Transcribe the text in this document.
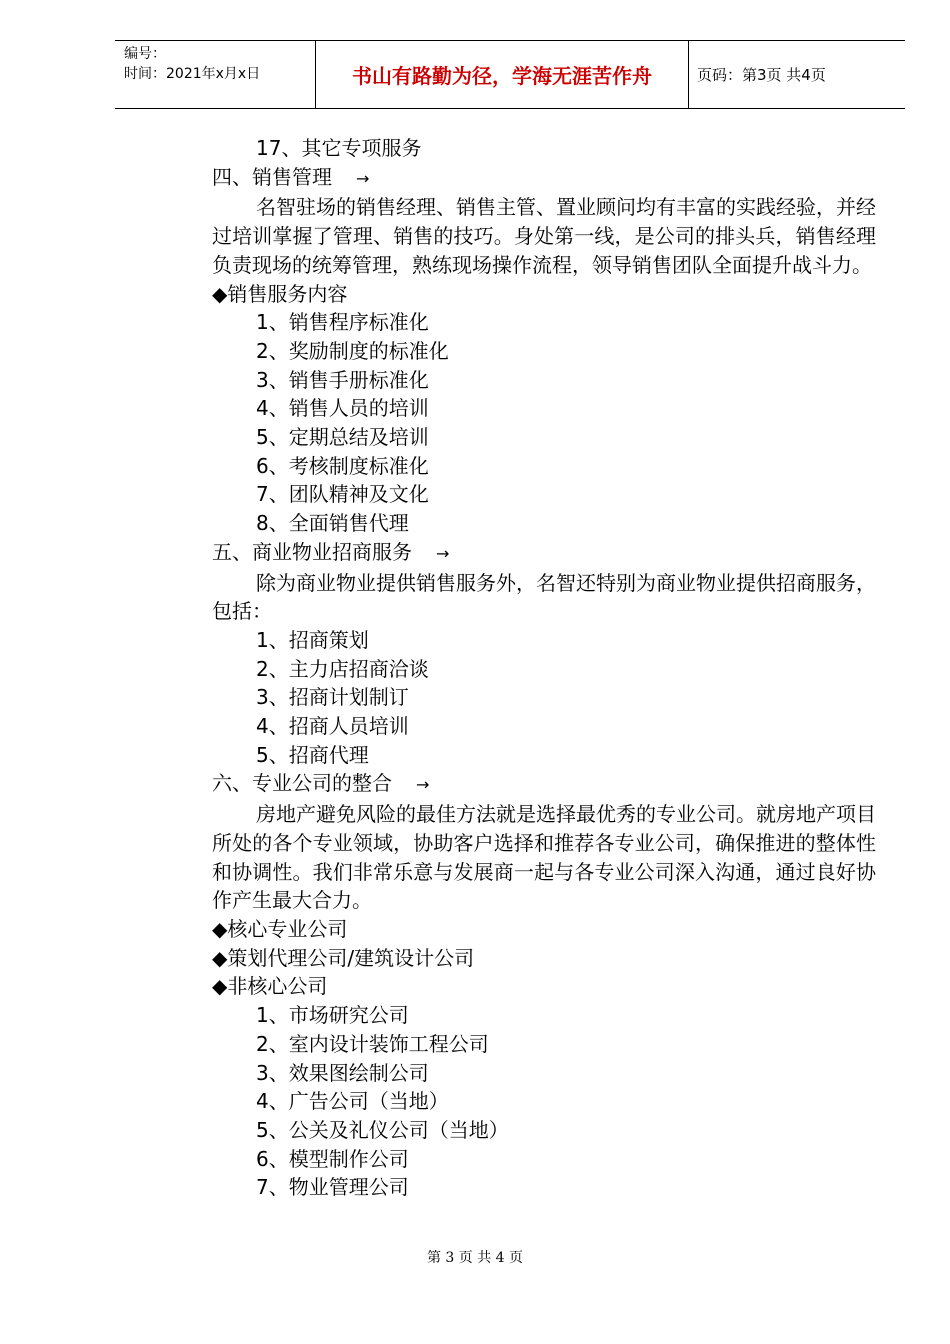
编号：
时间：2021年x月x日	书山有路勤为径，学海无涯苦作舟	页码：第3页 共4页
17、其它专项服务
四、销售管理 →
名智驻场的销售经理、销售主管、置业顾问均有丰富的实践经验，并经过培训掌握了管理、销售的技巧。身处第一线，是公司的排头兵，销售经理负责现场的统筹管理，熟练现场操作流程，领导销售团队全面提升战斗力。
◆销售服务内容
1、销售程序标准化
2、奖励制度的标准化
3、销售手册标准化
4、销售人员的培训
5、定期总结及培训
6、考核制度标准化
7、团队精神及文化
8、全面销售代理
五、商业物业招商服务 →
除为商业物业提供销售服务外，名智还特别为商业物业提供招商服务，包括：
1、招商策划
2、主力店招商洽谈
3、招商计划制订
4、招商人员培训
5、招商代理
六、专业公司的整合 →
房地产避免风险的最佳方法就是选择最优秀的专业公司。就房地产项目所处的各个专业领域，协助客户选择和推荐各专业公司，确保推进的整体性和协调性。我们非常乐意与发展商一起与各专业公司深入沟通，通过良好协作产生最大合力。
◆核心专业公司
◆策划代理公司/建筑设计公司
◆非核心公司
1、市场研究公司
2、室内设计装饰工程公司
3、效果图绘制公司
4、广告公司（当地）
5、公关及礼仪公司（当地）
6、模型制作公司
7、物业管理公司
第 3 页 共 4 页
